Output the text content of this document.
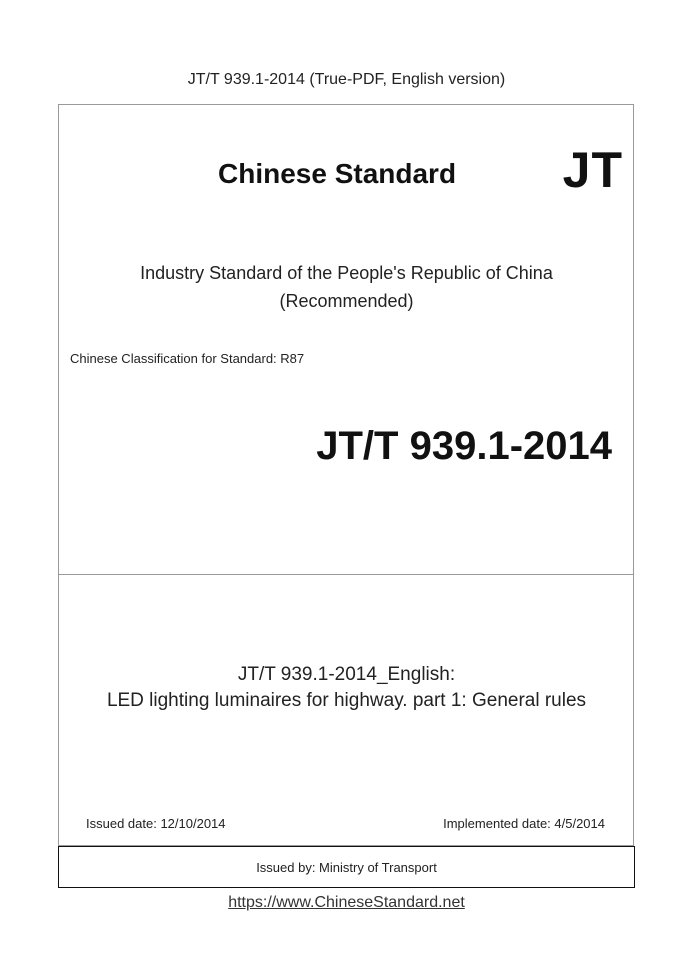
JT/T 939.1-2014 (True-PDF, English version)
Chinese Standard JT
Industry Standard of the People's Republic of China
(Recommended)
Chinese Classification for Standard: R87
JT/T 939.1-2014
JT/T 939.1-2014_English:
LED lighting luminaires for highway. part 1: General rules
Issued date: 12/10/2014	Implemented date: 4/5/2014
Issued by: Ministry of Transport
https://www.ChineseStandard.net
